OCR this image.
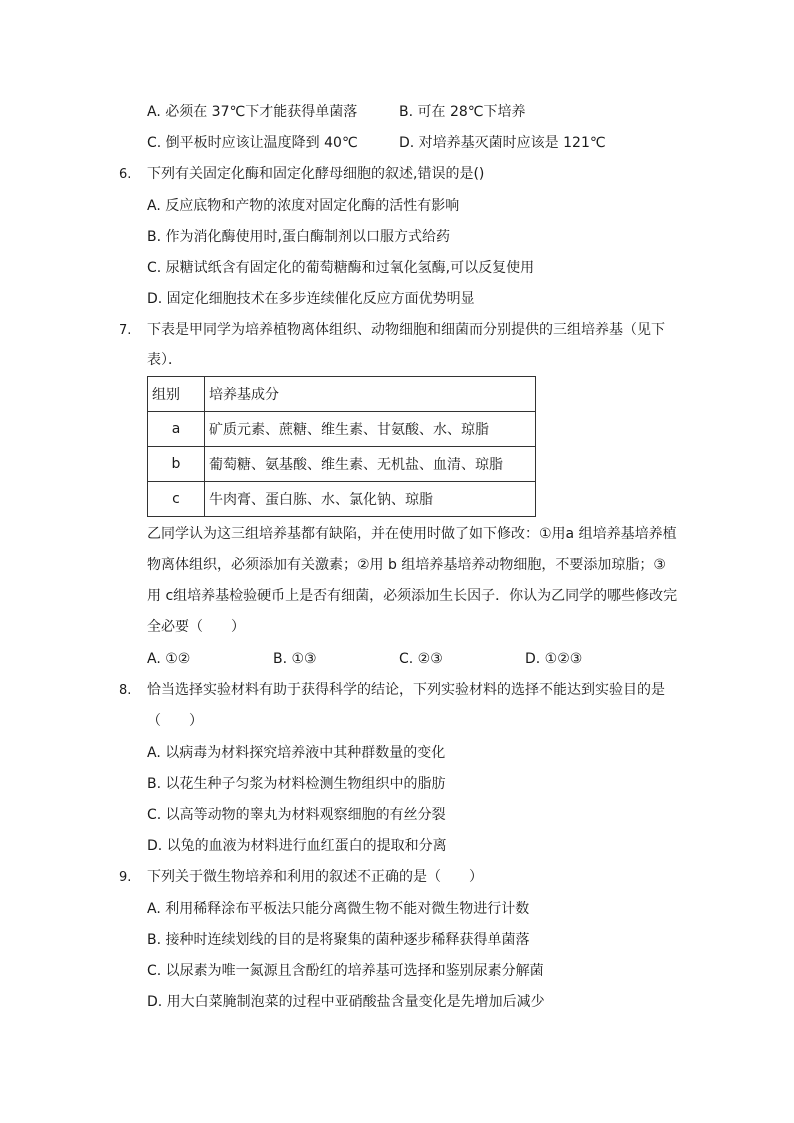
A. 必须在 37℃下才能获得单菌落	B. 可在 28℃下培养
C. 倒平板时应该让温度降到 40℃	D. 对培养基灭菌时应该是 121℃
6. 下列有关固定化酶和固定化酵母细胞的叙述,错误的是()
A. 反应底物和产物的浓度对固定化酶的活性有影响
B. 作为消化酶使用时,蛋白酶制剂以口服方式给药
C. 尿糖试纸含有固定化的葡萄糖酶和过氧化氢酶,可以反复使用
D. 固定化细胞技术在多步连续催化反应方面优势明显
7. 下表是甲同学为培养植物离体组织、动物细胞和细菌而分别提供的三组培养基（见下
表）．
组别	培养基成分
a	矿质元素、蔗糖、维生素、甘氨酸、水、琼脂
b	葡萄糖、氨基酸、维生素、无机盐、血清、琼脂
c	牛肉膏、蛋白胨、水、氯化钠、琼脂
乙同学认为这三组培养基都有缺陷，并在使用时做了如下修改：①用a 组培养基培养植
物离体组织，必须添加有关激素；②用 b 组培养基培养动物细胞，不要添加琼脂；③
用 c组培养基检验硬币上是否有细菌，必须添加生长因子．你认为乙同学的哪些修改完
全必要（　　）
A. ①②	B. ①③	C. ②③	D. ①②③
8. 恰当选择实验材料有助于获得科学的结论，下列实验材料的选择不能达到实验目的是
（　　）
A. 以病毒为材料探究培养液中其种群数量的变化
B. 以花生种子匀浆为材料检测生物组织中的脂肪
C. 以高等动物的睾丸为材料观察细胞的有丝分裂
D. 以兔的血液为材料进行血红蛋白的提取和分离
9. 下列关于微生物培养和利用的叙述不正确的是（　　）
A. 利用稀释涂布平板法只能分离微生物不能对微生物进行计数
B. 接种时连续划线的目的是将聚集的菌种逐步稀释获得单菌落
C. 以尿素为唯一氮源且含酚红的培养基可选择和鉴别尿素分解菌
D. 用大白菜腌制泡菜的过程中亚硝酸盐含量变化是先增加后减少
